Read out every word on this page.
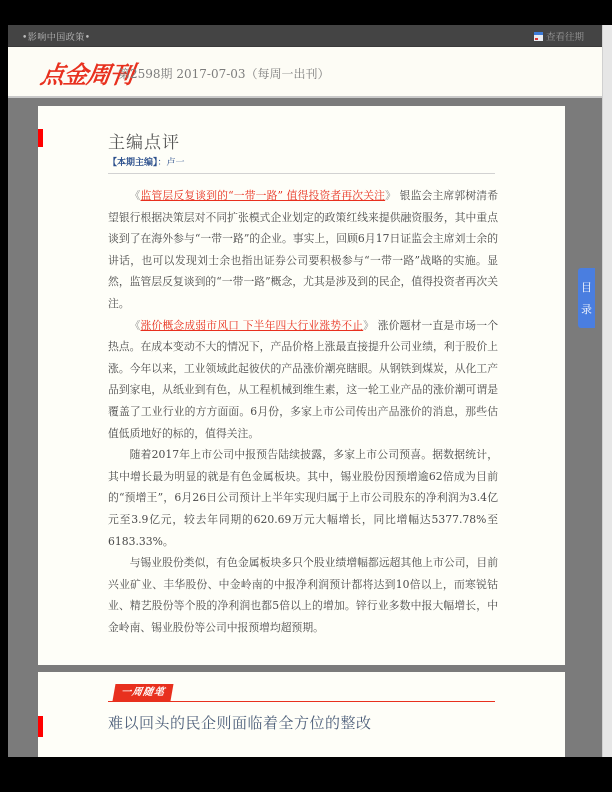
•影响中国政策•	查看往期
点金周刊
第2598期 2017-07-03（每周一出刊）
主编点评
【本期主编】：卢一

《监管层反复谈到的“一带一路” 值得投资者再次关注》 银监会主席郭树清希望银行根据决策层对不同扩张模式企业划定的政策红线来提供融资服务，其中重点谈到了在海外参与“一带一路”的企业。事实上，回顾6月17日证监会主席刘士余的讲话，也可以发现刘士余也指出证券公司要积极参与“一带一路”战略的实施。显然，监管层反复谈到的“一带一路”概念，尤其是涉及到的民企，值得投资者再次关注。

《涨价概念成弱市风口 下半年四大行业涨势不止》 涨价题材一直是市场一个热点。在成本变动不大的情况下，产品价格上涨最直接提升公司业绩，利于股价上涨。今年以来，工业领域此起彼伏的产品涨价潮亮瞎眼。从钢铁到煤炭，从化工产品到家电，从纸业到有色，从工程机械到维生素，这一轮工业产品的涨价潮可谓是覆盖了工业行业的方方面面。6月份，多家上市公司传出产品涨价的消息，那些估值低质地好的标的，值得关注。

随着2017年上市公司中报预告陆续披露，多家上市公司预喜。据数据统计，其中增长最为明显的就是有色金属板块。其中，锡业股份因预增逾62倍成为目前的“预增王”，6月26日公司预计上半年实现归属于上市公司股东的净利润为3.4亿元至3.9亿元，较去年同期的620.69万元大幅增长，同比增幅达5377.78%至6183.33%。

与锡业股份类似，有色金属板块多只个股业绩增幅都远超其他上市公司，目前兴业矿业、丰华股份、中金岭南的中报净利润预计都将达到10倍以上，而寒锐钴业、精艺股份等个股的净利润也都5倍以上的增加。锌行业多数中报大幅增长，中金岭南、锡业股份等公司中报预增均超预期。

一周随笔
难以回头的民企则面临着全方位的整改
目
录
